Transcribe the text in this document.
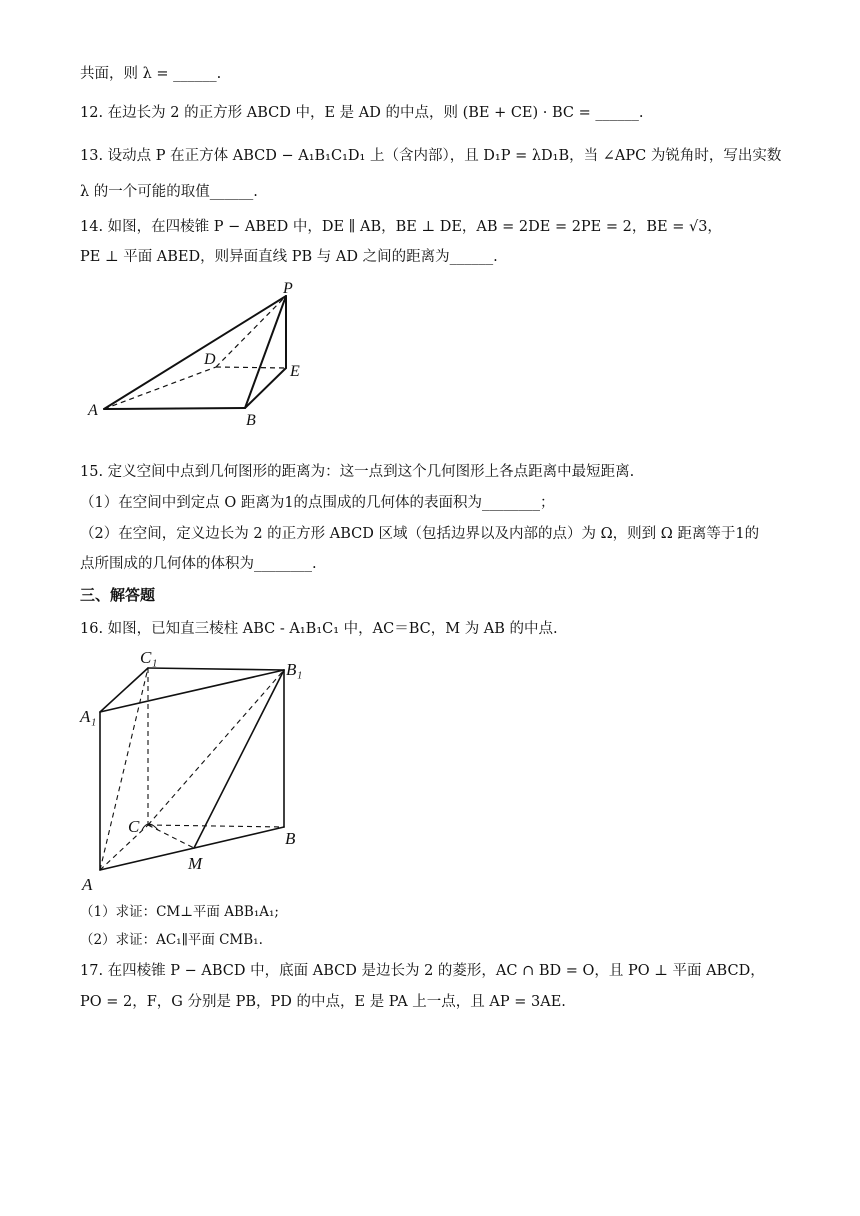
共面，则 λ = ______.
12. 在边长为 2 的正方形 ABCD 中，E 是 AD 的中点，则 (BE + CE) · BC = ______.
13. 设动点 P 在正方体 ABCD − A₁B₁C₁D₁ 上（含内部），且 D₁P = λD₁B，当 ∠APC 为锐角时，写出实数
λ 的一个可能的取值______.
14. 如图，在四棱锥 P − ABED 中，DE ∥ AB，BE ⊥ DE，AB = 2DE = 2PE = 2，BE = √3，
PE ⊥ 平面 ABED，则异面直线 PB 与 AD 之间的距离为______.
P
D
E
A
B
15. 定义空间中点到几何图形的距离为：这一点到这个几何图形上各点距离中最短距离.
（1）在空间中到定点 O 距离为1的点围成的几何体的表面积为________；
（2）在空间，定义边长为 2 的正方形 ABCD 区域（包括边界以及内部的点）为 Ω，则到 Ω 距离等于1的
点所围成的几何体的体积为________.
三、解答题
16. 如图，已知直三棱柱 ABC - A₁B₁C₁ 中，AC＝BC，M 为 AB 的中点.
C₁
B₁
A₁
C
B
M
A
（1）求证：CM⊥平面 ABB₁A₁;
（2）求证：AC₁∥平面 CMB₁.
17. 在四棱锥 P − ABCD 中，底面 ABCD 是边长为 2 的菱形，AC ∩ BD = O，且 PO ⊥ 平面 ABCD，
PO = 2，F，G 分别是 PB，PD 的中点，E 是 PA 上一点，且 AP = 3AE.
